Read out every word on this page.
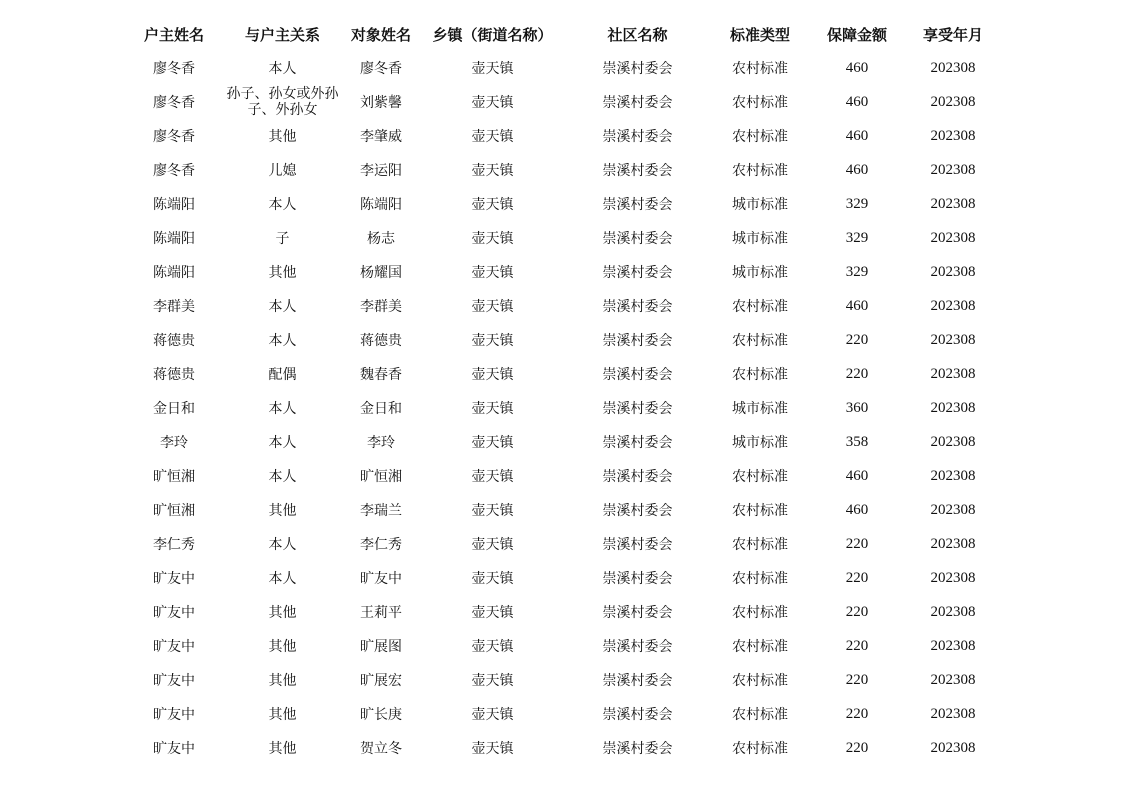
户主姓名	与户主关系	对象姓名	乡镇（街道名称）	社区名称	标准类型	保障金额	享受年月
廖冬香	本人	廖冬香	壶天镇	崇溪村委会	农村标准	460	202308
廖冬香	孙子、孙女或外孙子、外孙女	刘紫馨	壶天镇	崇溪村委会	农村标准	460	202308
廖冬香	其他	李肇威	壶天镇	崇溪村委会	农村标准	460	202308
廖冬香	儿媳	李运阳	壶天镇	崇溪村委会	农村标准	460	202308
陈端阳	本人	陈端阳	壶天镇	崇溪村委会	城市标准	329	202308
陈端阳	子	杨志	壶天镇	崇溪村委会	城市标准	329	202308
陈端阳	其他	杨耀国	壶天镇	崇溪村委会	城市标准	329	202308
李群美	本人	李群美	壶天镇	崇溪村委会	农村标准	460	202308
蒋德贵	本人	蒋德贵	壶天镇	崇溪村委会	农村标准	220	202308
蒋德贵	配偶	魏春香	壶天镇	崇溪村委会	农村标准	220	202308
金日和	本人	金日和	壶天镇	崇溪村委会	城市标准	360	202308
李玲	本人	李玲	壶天镇	崇溪村委会	城市标准	358	202308
旷恒湘	本人	旷恒湘	壶天镇	崇溪村委会	农村标准	460	202308
旷恒湘	其他	李瑞兰	壶天镇	崇溪村委会	农村标准	460	202308
李仁秀	本人	李仁秀	壶天镇	崇溪村委会	农村标准	220	202308
旷友中	本人	旷友中	壶天镇	崇溪村委会	农村标准	220	202308
旷友中	其他	王莉平	壶天镇	崇溪村委会	农村标准	220	202308
旷友中	其他	旷展图	壶天镇	崇溪村委会	农村标准	220	202308
旷友中	其他	旷展宏	壶天镇	崇溪村委会	农村标准	220	202308
旷友中	其他	旷长庚	壶天镇	崇溪村委会	农村标准	220	202308
旷友中	其他	贺立冬	壶天镇	崇溪村委会	农村标准	220	202308
